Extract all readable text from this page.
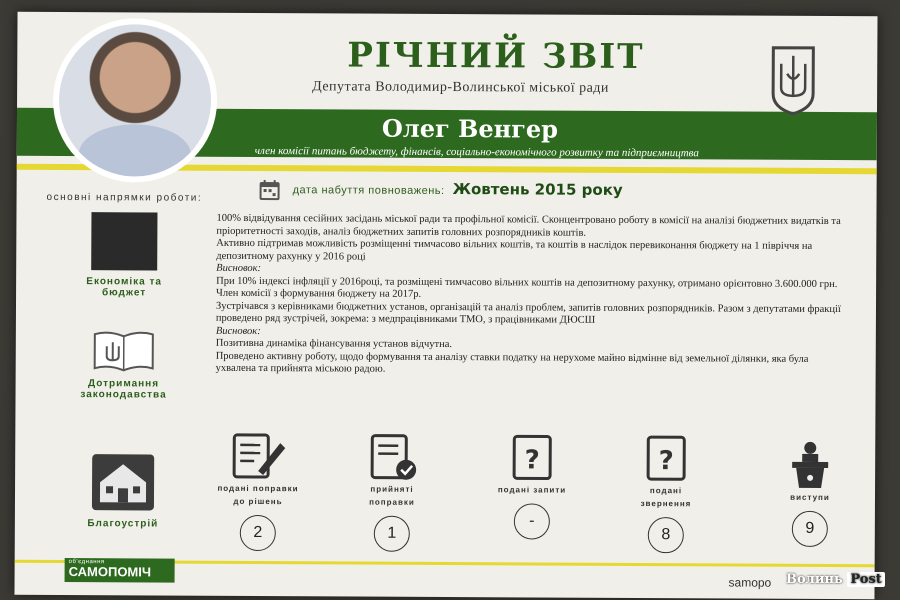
РІЧНИЙ ЗВІТ
Депутата Володимир-Волинської міської ради
Олег Венгер
член комісії питань бюджету, фінансів, соціально-економічного розвитку та підприємництва
дата набуття повноважень: Жовтень 2015 року
основні напрямки роботи:
Економіка та
бюджет
Дотримання
законодавства
Благоустрій

100% відвідування сесійних засідань міської ради та профільної комісії. Сконцентровано роботу в комісії на аналізі бюджетних видатків та пріоритетності заходів, аналіз бюджетних запитів головних розпорядників коштів.

Активно підтримав можливість розміщенні тимчасово вільних коштів, та коштів в наслідок перевиконання бюджету на 1 півріччя на депозитному рахунку у 2016 році

Висновок:

При 10% індексі інфляції у 2016році, та розміщені тимчасово вільних коштів на депозитному рахунку, отримано орієнтовно 3.600.000 грн.

Член комісії з формування бюджету на 2017р.

Зустрічався з керівниками бюджетних установ, організацій та аналіз проблем, запитів головних розпорядників. Разом з депутатами фракції проведено ряд зустрічей, зокрема: з медпрацівниками ТМО, з працівниками ДЮСШ

Висновок:

Позитивна динаміка фінансування установ відчутна.

Проведено активну роботу, щодо формування та аналізу ставки податку на нерухоме майно відмінне від земельної ділянки, яка була ухвалена та прийнята міською радою.

подані поправки
до рішень
2
прийняті
поправки
1
?
подані запити
-
?
подані
звернення
8
виступи
9
об'єднання
САМОПОМІЧ
samopo Волинь Post
